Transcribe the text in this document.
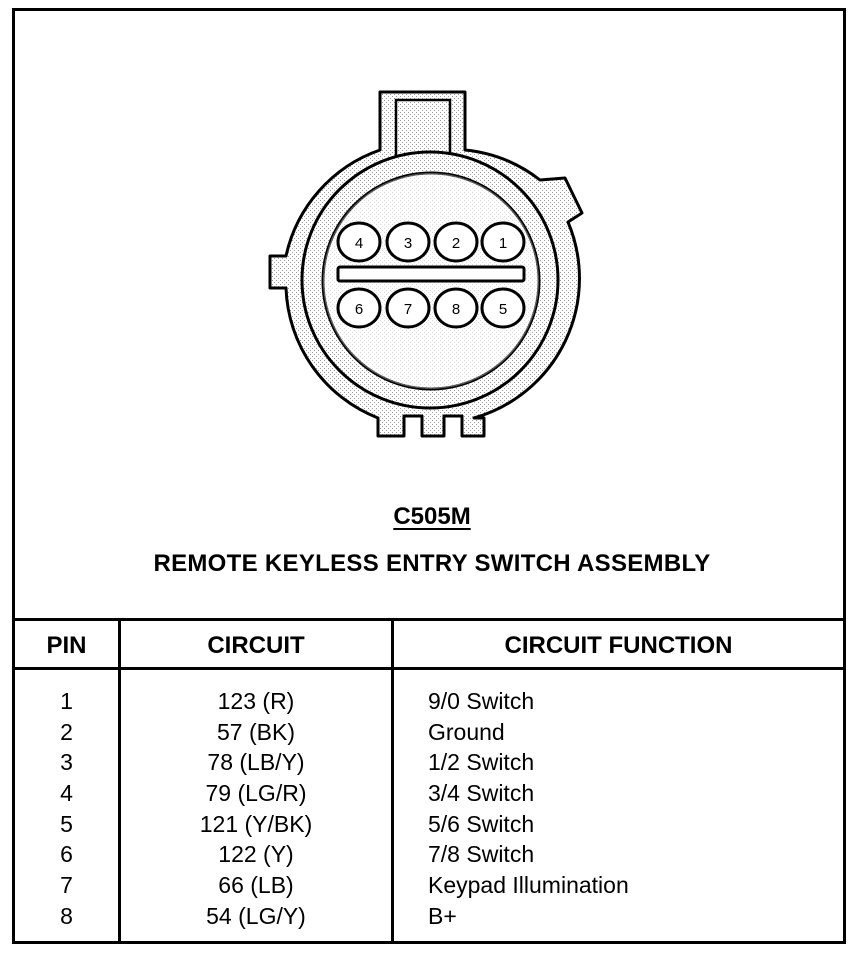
4	3	2	1
6	7	8	5
C505M
REMOTE KEYLESS ENTRY SWITCH ASSEMBLY
PIN	CIRCUIT	CIRCUIT FUNCTION
1	123 (R)	9/0 Switch
2	57 (BK)	Ground
3	78 (LB/Y)	1/2 Switch
4	79 (LG/R)	3/4 Switch
5	121 (Y/BK)	5/6 Switch
6	122 (Y)	7/8 Switch
7	66 (LB)	Keypad Illumination
8	54 (LG/Y)	B+
